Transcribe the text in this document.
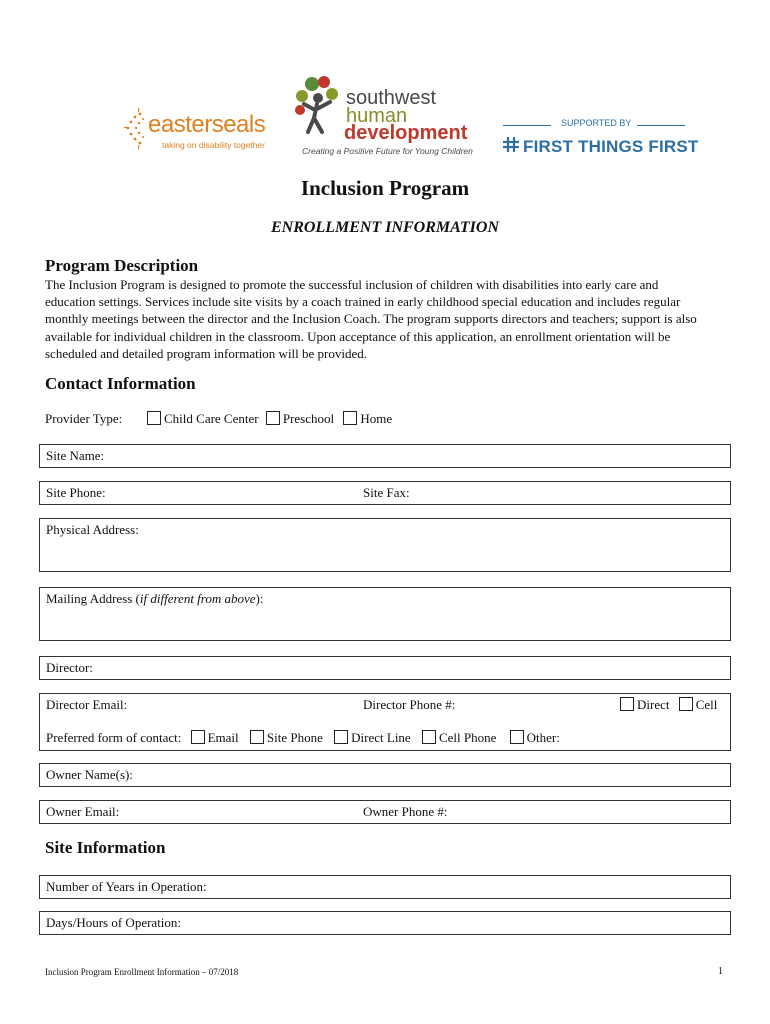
easterseals
taking on disability together
southwest
human
development
Creating a Positive Future for Young Children
SUPPORTED BY
FIRST THINGS FIRST
Inclusion Program
ENROLLMENT INFORMATION
Program Description
The Inclusion Program is designed to promote the successful inclusion of children with disabilities into early care and education settings. Services include site visits by a coach trained in early childhood special education and includes regular monthly meetings between the director and the Inclusion Coach. The program supports directors and teachers; support is also available for individual children in the classroom. Upon acceptance of this application, an enrollment orientation will be scheduled and detailed program information will be provided.
Contact Information
Provider Type:	Child Care Center Preschool Home
Site Name:
Site Phone:	Site Fax:
Physical Address:
Mailing Address (if different from above):
Director:
Director Email:	Director Phone #:	Direct Cell
Preferred form of contact: Email Site Phone Direct Line Cell Phone Other:
Owner Name(s):
Owner Email:	Owner Phone #:
Site Information
Number of Years in Operation:
Days/Hours of Operation:
Inclusion Program Enrollment Information – 07/2018	1
